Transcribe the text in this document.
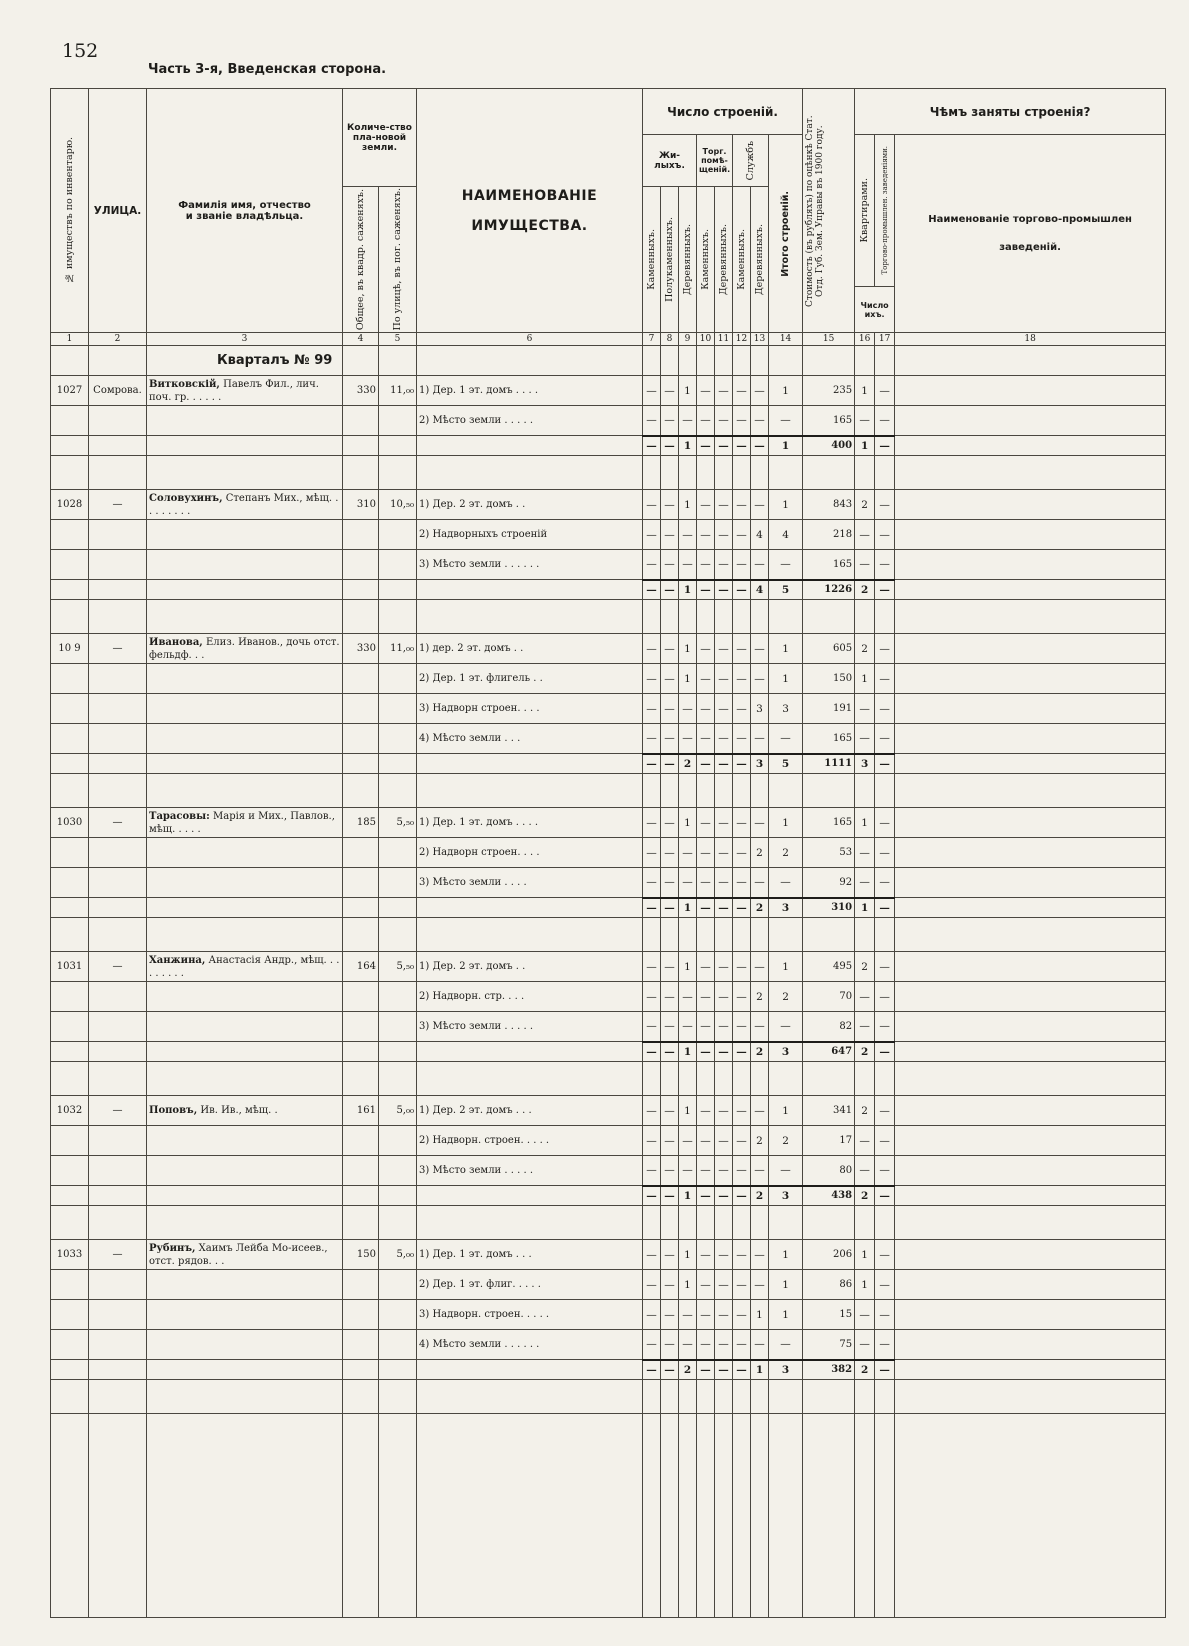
152
Часть 3-я, Введенская сторона.
№ имуществъ по инвентарю.	УЛИЦА.	Фамилія имя, отчество и званіе владѣльца.	Количе-ство пла-новой земли.		НАИМЕНОВАНІЕ
ИМУЩЕСТВА.	Число строеній.								Стоимость (въ рубляхъ) по оцѣнкѣ Стат. Отд. Губ. Зем. Управы въ 1900 году.	Чѣмъ заняты строенія?		
						Жи-лыхъ.			Торг. помѣ-щеній.		Службъ		Итого строеній.		Квартирами.	Торгово-промышлен. заведеніями.	Наименованіе торгово-промышлен заведеній.

			Общее, въ квадр. саженяхъ.	По улицѣ, въ пог. саженяхъ.		Каменныхъ.	Полукаменныхъ.	Деревянныхъ.	Каменныхъ.	Деревянныхъ.	Каменныхъ.	Деревянныхъ.					

															Число ихъ.		
1	2	3	4	5	6	7	8	9	10	11	12	13	14	15	16	17	18
		Кварталъ № 99															
1027	Сомрова.	Витковскій, Павелъ Фил., лич. поч. гр. . . . . .	330	11,₀₀	1) Дер. 1 эт. домъ . . . .	—	—	1	—	—	—	—	1	235	1	—	
					2) Мѣсто земли . . . . .	—	—	—	—	—	—	—	—	165	—	—	
						—	—	1	—	—	—	—	1	400	1	—	

1028	—	Соловухинъ, Степанъ Мих., мѣщ. . . . . . . . .	310	10,₅₀	1) Дер. 2 эт. домъ . .	—	—	1	—	—	—	—	1	843	2	—	
					2) Надворныхъ строеній	—	—	—	—	—	—	4	4	218	—	—	
					3) Мѣсто земли . . . . . .	—	—	—	—	—	—	—	—	165	—	—	
						—	—	1	—	—	—	4	5	1226	2	—	

10 9	—	Иванова, Елиз. Иванов., дочь отст. фельдф. . .	330	11,₀₀	1) дер. 2 эт. домъ . .	—	—	1	—	—	—	—	1	605	2	—	
					2) Дер. 1 эт. флигель . .	—	—	1	—	—	—	—	1	150	1	—	
					3) Надворн строен. . . .	—	—	—	—	—	—	3	3	191	—	—	
					4) Мѣсто земли . . .	—	—	—	—	—	—	—	—	165	—	—	
						—	—	2	—	—	—	3	5	1111	3	—	

1030	—	Тарасовы: Марія и Мих., Павлов., мѣщ. . . . .	185	5,₅₀	1) Дер. 1 эт. домъ . . . .	—	—	1	—	—	—	—	1	165	1	—	
					2) Надворн строен. . . .	—	—	—	—	—	—	2	2	53	—	—	
					3) Мѣсто земли . . . .	—	—	—	—	—	—	—	—	92	—	—	
						—	—	1	—	—	—	2	3	310	1	—	

1031	—	Ханжина, Анастасія Андр., мѣщ. . . . . . . . .	164	5,₅₀	1) Дер. 2 эт. домъ . .	—	—	1	—	—	—	—	1	495	2	—	
					2) Надворн. стр. . . .	—	—	—	—	—	—	2	2	70	—	—	
					3) Мѣсто земли . . . . .	—	—	—	—	—	—	—	—	82	—	—	
						—	—	1	—	—	—	2	3	647	2	—	

1032	—	Поповъ, Ив. Ив., мѣщ. .	161	5,₀₀	1) Дер. 2 эт. домъ . . .	—	—	1	—	—	—	—	1	341	2	—	
					2) Надворн. строен. . . . .	—	—	—	—	—	—	2	2	17	—	—	
					3) Мѣсто земли . . . . .	—	—	—	—	—	—	—	—	80	—	—	
						—	—	1	—	—	—	2	3	438	2	—	

1033	—	Рубинъ, Хаимъ Лейба Мо-исеев., отст. рядов. . .	150	5,₀₀	1) Дер. 1 эт. домъ . . .	—	—	1	—	—	—	—	1	206	1	—	
					2) Дер. 1 эт. флиг. . . . .	—	—	1	—	—	—	—	1	86	1	—	
					3) Надворн. строен. . . . .	—	—	—	—	—	—	1	1	15	—	—	
					4) Мѣсто земли . . . . . .	—	—	—	—	—	—	—	—	75	—	—	
						—	—	2	—	—	—	1	3	382	2	—	
